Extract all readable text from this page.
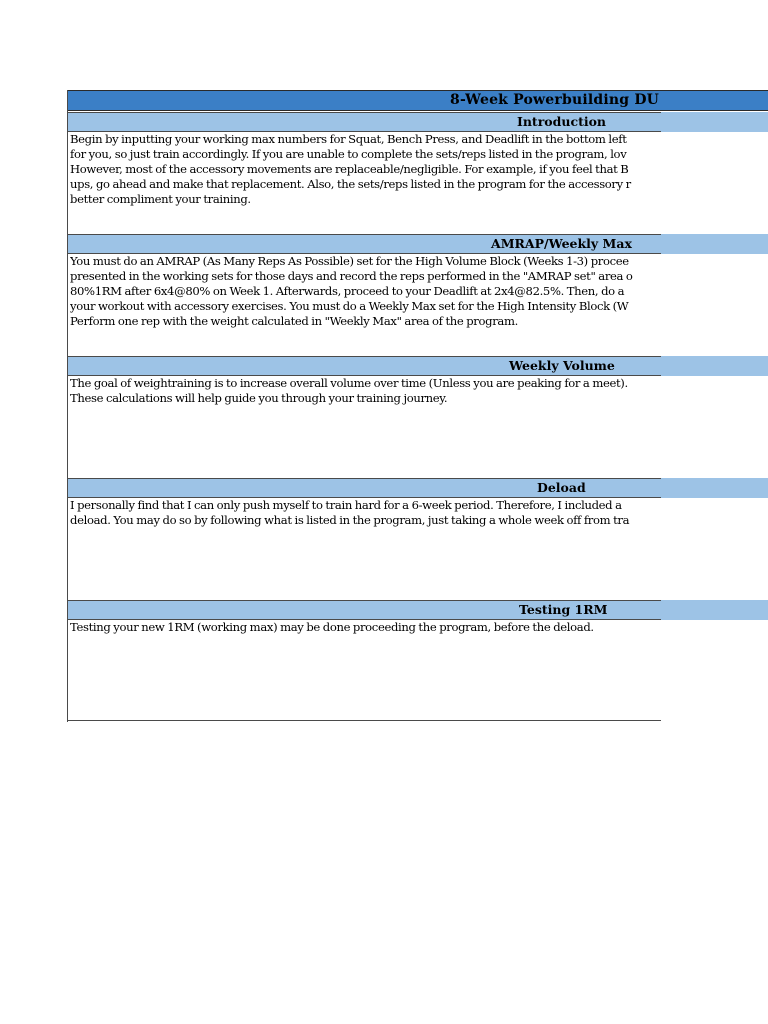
8-Week Powerbuilding DU
Introduction
Begin by inputting your working max numbers for Squat, Bench Press, and Deadlift in the bottom left
for you, so just train accordingly. If you are unable to complete the sets/reps listed in the program, lov
However, most of the accessory movements are replaceable/negligible. For example, if you feel that B
ups, go ahead and make that replacement. Also, the sets/reps listed in the program for the accessory r
better compliment your training.
AMRAP/Weekly Max
You must do an AMRAP (As Many Reps As Possible) set for the High Volume Block (Weeks 1-3) procee
presented in the working sets for those days and record the reps performed in the "AMRAP set" area o
80%1RM after 6x4@80% on Week 1. Afterwards, proceed to your Deadlift at 2x4@82.5%. Then, do a
your workout with accessory exercises. You must do a Weekly Max set for the High Intensity Block (W
Perform one rep with the weight calculated in "Weekly Max" area of the program.
Weekly Volume
The goal of weightraining is to increase overall volume over time (Unless you are peaking for a meet).
These calculations will help guide you through your training journey.
Deload
I personally find that I can only push myself to train hard for a 6-week period. Therefore, I included a
deload. You may do so by following what is listed in the program, just taking a whole week off from tra
Testing 1RM
Testing your new 1RM (working max) may be done proceeding the program, before the deload.
